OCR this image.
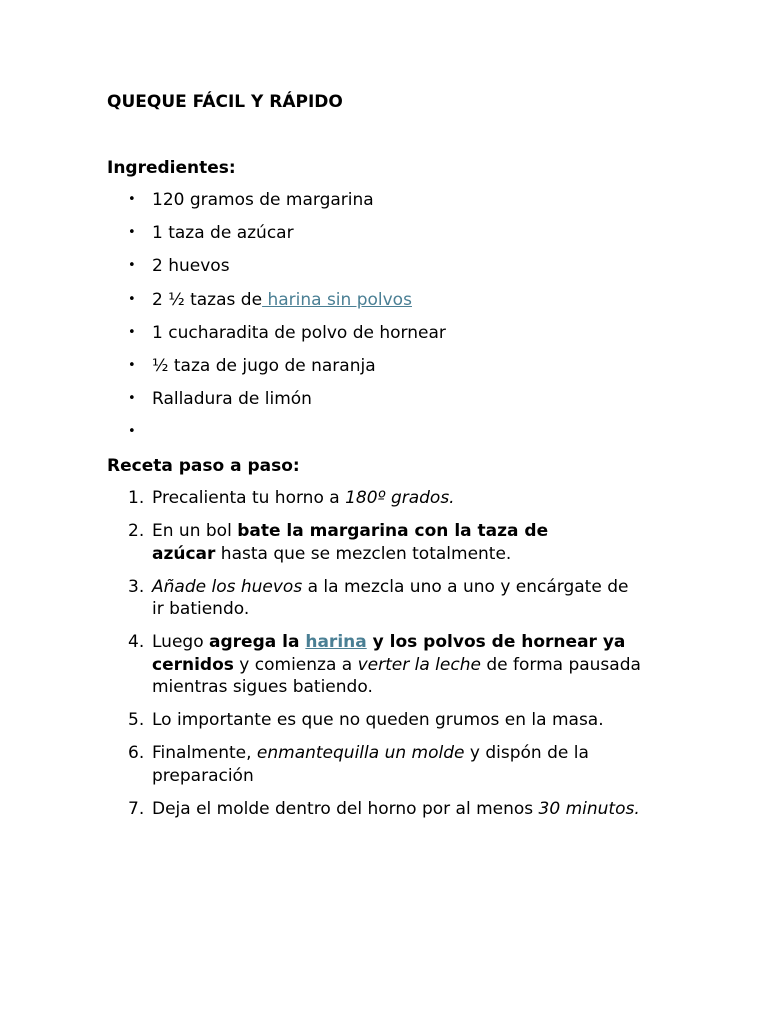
QUEQUE FÁCIL Y RÁPIDO
Ingredientes:
• 120 gramos de margarina
• 1 taza de azúcar
• 2 huevos
• 2 ½ tazas de harina sin polvos
• 1 cucharadita de polvo de hornear
• ½ taza de jugo de naranja
• Ralladura de limón
•
Receta paso a paso:
1. Precalienta tu horno a 180º grados.
2. En un bol bate la margarina con la taza de
azúcar hasta que se mezclen totalmente.
3. Añade los huevos a la mezcla uno a uno y encárgate de
ir batiendo.
4. Luego agrega la harina y los polvos de hornear ya
cernidos y comienza a verter la leche de forma pausada
mientras sigues batiendo.
5. Lo importante es que no queden grumos en la masa.
6. Finalmente, enmantequilla un molde y dispón de la
preparación
7. Deja el molde dentro del horno por al menos 30 minutos.
